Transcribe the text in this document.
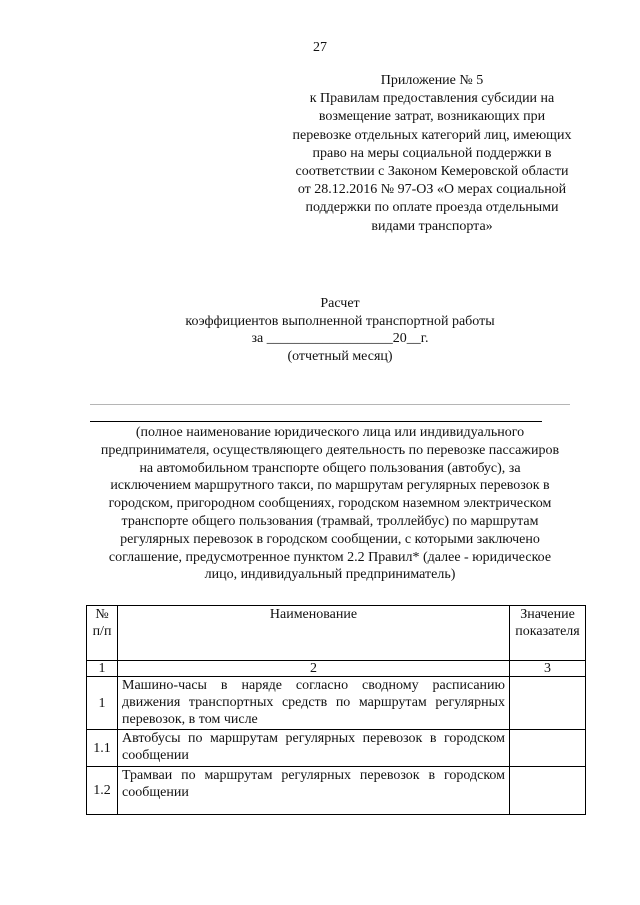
27
Приложение № 5
к Правилам предоставления субсидии на
возмещение затрат, возникающих при
перевозке отдельных категорий лиц, имеющих
право на меры социальной поддержки в
соответствии с Законом Кемеровской области
от 28.12.2016 № 97-ОЗ «О мерах социальной
поддержки по оплате проезда отдельными
видами транспорта»
Расчет
коэффициентов выполненной транспортной работы
за __________________20__г.
(отчетный месяц)
(полное наименование юридического лица или индивидуального
предпринимателя, осуществляющего деятельность по перевозке пассажиров
на автомобильном транспорте общего пользования (автобус), за
исключением маршрутного такси, по маршрутам регулярных перевозок в
городском, пригородном сообщениях, городском наземном электрическом
транспорте общего пользования (трамвай, троллейбус) по маршрутам
регулярных перевозок в городском сообщении, с которыми заключено
соглашение, предусмотренное пунктом 2.2 Правил* (далее - юридическое
лицо, индивидуальный предприниматель)
№ п/п	Наименование	Значение показателя
1	2	3
1	Машино-часы в наряде согласно сводному расписанию движения транспортных средств по маршрутам регулярных перевозок, в том числе	
1.1	Автобусы по маршрутам регулярных перевозок в городском сообщении	
1.2	Трамваи по маршрутам регулярных перевозок в городском сообщении	
